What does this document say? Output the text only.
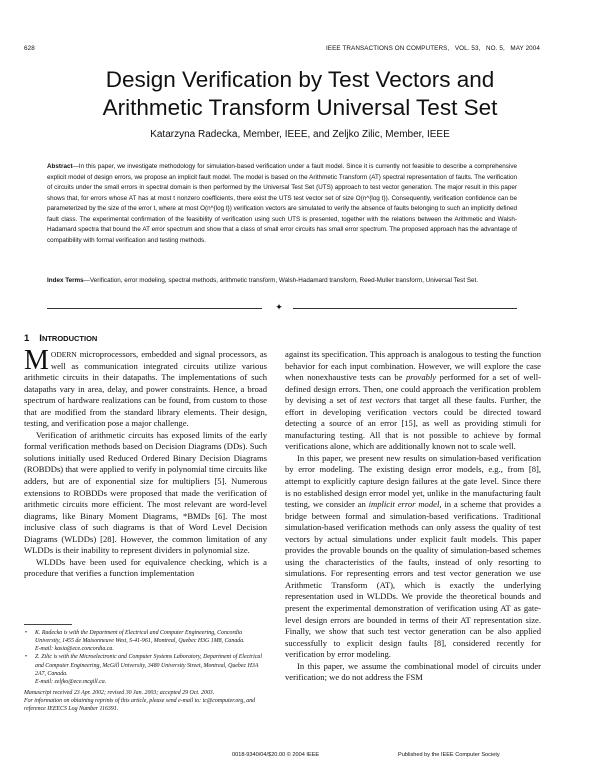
628	IEEE TRANSACTIONS ON COMPUTERS,   VOL. 53,   NO. 5,   MAY 2004
Design Verification by Test Vectors and
Arithmetic Transform Universal Test Set
Katarzyna Radecka, Member, IEEE, and Zeljko Zilic, Member, IEEE
Abstract—In this paper, we investigate methodology for simulation-based verification under a fault model. Since it is currently not feasible to describe a comprehensive explicit model of design errors, we propose an implicit fault model. The model is based on the Arithmetic Transform (AT) spectral representation of faults. The verification of circuits under the small errors in spectral domain is then performed by the Universal Test Set (UTS) approach to test vector generation. The major result in this paper shows that, for errors whose AT has at most t nonzero coefficients, there exist the UTS test vector set of size O(n^{log t}). Consequently, verification confidence can be parameterized by the size of the error t, where at most O(n^{log t}) verification vectors are simulated to verify the absence of faults belonging to such an implicitly defined fault class. The experimental confirmation of the feasibility of verification using such UTS is presented, together with the relations between the Arithmetic and Walsh-Hadamard spectra that bound the AT error spectrum and show that a class of small error circuits has small error spectrum. The proposed approach has the advantage of compatibility with formal verification and testing methods.
Index Terms—Verification, error modeling, spectral methods, arithmetic transform, Walsh-Hadamard transform, Reed-Muller transform, Universal Test Set.
✦
1 INTRODUCTION

MODERN microprocessors, embedded and signal processors, as well as communication integrated circuits utilize various arithmetic circuits in their datapaths. The implementations of such datapaths vary in area, delay, and power constraints. Hence, a broad spectrum of hardware realizations can be found, from custom to those that are modified from the standard library elements. Their design, testing, and verification pose a major challenge.

Verification of arithmetic circuits has exposed limits of the early formal verification methods based on Decision Diagrams (DDs). Such solutions initially used Reduced Ordered Binary Decision Diagrams (ROBDDs) that were applied to verify in polynomial time circuits like adders, but are of exponential size for multipliers [5]. Numerous extensions to ROBDDs were proposed that made the verification of arithmetic circuits more efficient. The most relevant are word-level diagrams, like Binary Moment Diagrams, *BMDs [6]. The most inclusive class of such diagrams is that of Word Level Decision Diagrams (WLDDs) [28]. However, the common limitation of any WLDDs is their inability to represent dividers in polynomial size.

WLDDs have been used for equivalence checking, which is a procedure that verifies a function implementation

• K. Radecka is with the Department of Electrical and Computer Engineering, Concordia University, 1455 de Maisonneuve West, S-41-961, Montreal, Quebec H3G 1M8, Canada.
E-mail: kasia@ece.concordia.ca.
• Z. Zilic is with the Microelectronic and Computer Systems Laboratory, Department of Electrical and Computer Engineering, McGill University, 3480 University Street, Montreal, Quebec H3A 2A7, Canada.
E-mail: zeljko@ece.mcgill.ca.

Manuscript received 23 Apr. 2002; revised 30 Jan. 2003; accepted 29 Oct. 2003.

For information on obtaining reprints of this article, please send e-mail to: tc@computer.org, and reference IEEECS Log Number 116391.

against its specification. This approach is analogous to testing the function behavior for each input combination. However, we will explore the case when nonexhaustive tests can be provably performed for a set of well-defined design errors. Then, one could approach the verification problem by devising a set of test vectors that target all these faults. Further, the effort in developing verification vectors could be directed toward detecting a source of an error [15], as well as providing stimuli for manufacturing testing. All that is not possible to achieve by formal verifications alone, which are additionally known not to scale well.

In this paper, we present new results on simulation-based verification by error modeling. The existing design error models, e.g., from [8], attempt to explicitly capture design failures at the gate level. Since there is no established design error model yet, unlike in the manufacturing fault testing, we consider an implicit error model, in a scheme that provides a bridge between formal and simulation-based verifications. Traditional simulation-based verification methods can only assess the quality of test vectors by actual simulations under explicit fault models. This paper provides the provable bounds on the quality of simulation-based schemes using the characteristics of the faults, instead of only resorting to simulations. For representing errors and test vector generation we use Arithmetic Transform (AT), which is exactly the underlying representation used in WLDDs. We provide the theoretical bounds and present the experimental demonstration of verification using AT as gate-level design errors are bounded in terms of their AT representation size. Finally, we show that such test vector generation can be also applied successfully to explicit design faults [8], considered recently for verification by error modeling.

In this paper, we assume the combinational model of circuits under verification; we do not address the FSM

0018-9340/04/$20.00 © 2004 IEEE	Published by the IEEE Computer Society
